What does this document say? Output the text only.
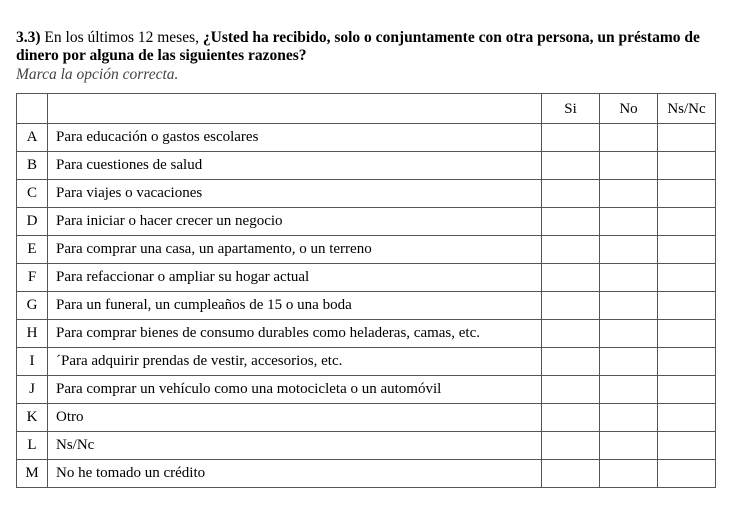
3.3) En los últimos 12 meses, ¿Usted ha recibido, solo o conjuntamente con otra persona, un préstamo de dinero por alguna de las siguientes razones?
Marca la opción correcta.
		Si	No	Ns/Nc
A	Para educación o gastos escolares			
B	Para cuestiones de salud			
C	Para viajes o vacaciones			
D	Para iniciar o hacer crecer un negocio			
E	Para comprar una casa, un apartamento, o un terreno			
F	Para refaccionar o ampliar su hogar actual			
G	Para un funeral, un cumpleaños de 15 o una boda			
H	Para comprar bienes de consumo durables como heladeras, camas, etc.			
I	´Para adquirir prendas de vestir, accesorios, etc.			
J	Para comprar un vehículo como una motocicleta o un automóvil			
K	Otro			
L	Ns/Nc			
M	No he tomado un crédito			
